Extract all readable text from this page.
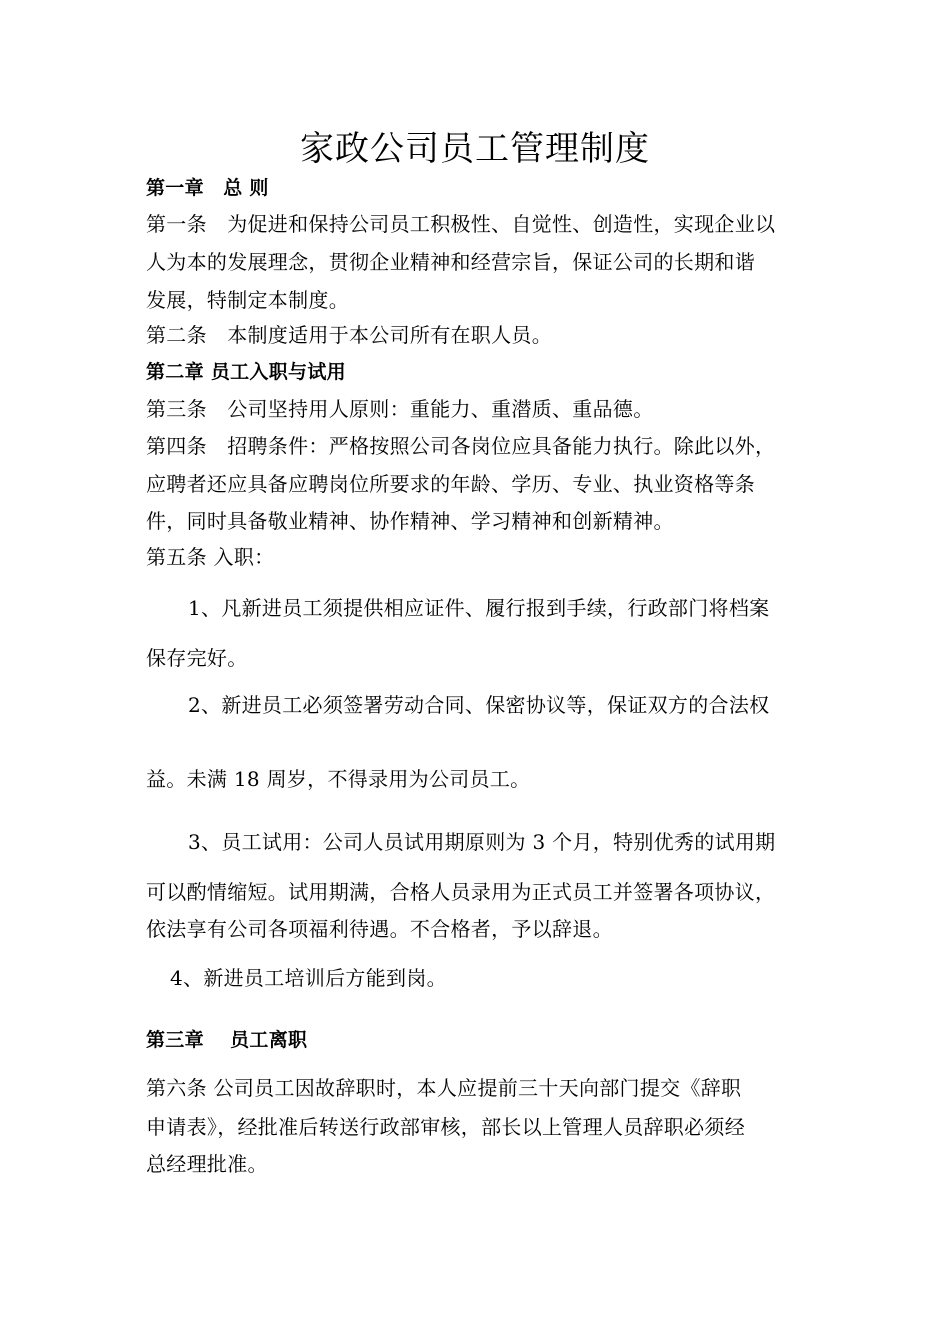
家政公司员工管理制度
第一章　总 则
第一条　为促进和保持公司员工积极性、自觉性、创造性，实现企业以
人为本的发展理念，贯彻企业精神和经营宗旨，保证公司的长期和谐
发展，特制定本制度。
第二条　本制度适用于本公司所有在职人员。
第二章 员工入职与试用
第三条　公司坚持用人原则：重能力、重潜质、重品德。
第四条　招聘条件：严格按照公司各岗位应具备能力执行。除此以外，
应聘者还应具备应聘岗位所要求的年龄、学历、专业、执业资格等条
件，同时具备敬业精神、协作精神、学习精神和创新精神。
第五条 入职：
1、凡新进员工须提供相应证件、履行报到手续，行政部门将档案
保存完好。
2、新进员工必须签署劳动合同、保密协议等，保证双方的合法权
益。未满 18 周岁，不得录用为公司员工。
3、员工试用：公司人员试用期原则为 3 个月，特别优秀的试用期
可以酌情缩短。试用期满，合格人员录用为正式员工并签署各项协议，
依法享有公司各项福利待遇。不合格者，予以辞退。
4、新进员工培训后方能到岗。
第三章　 员工离职
第六条 公司员工因故辞职时，本人应提前三十天向部门提交《辞职
申请表》，经批准后转送行政部审核，部长以上管理人员辞职必须经
总经理批准。
